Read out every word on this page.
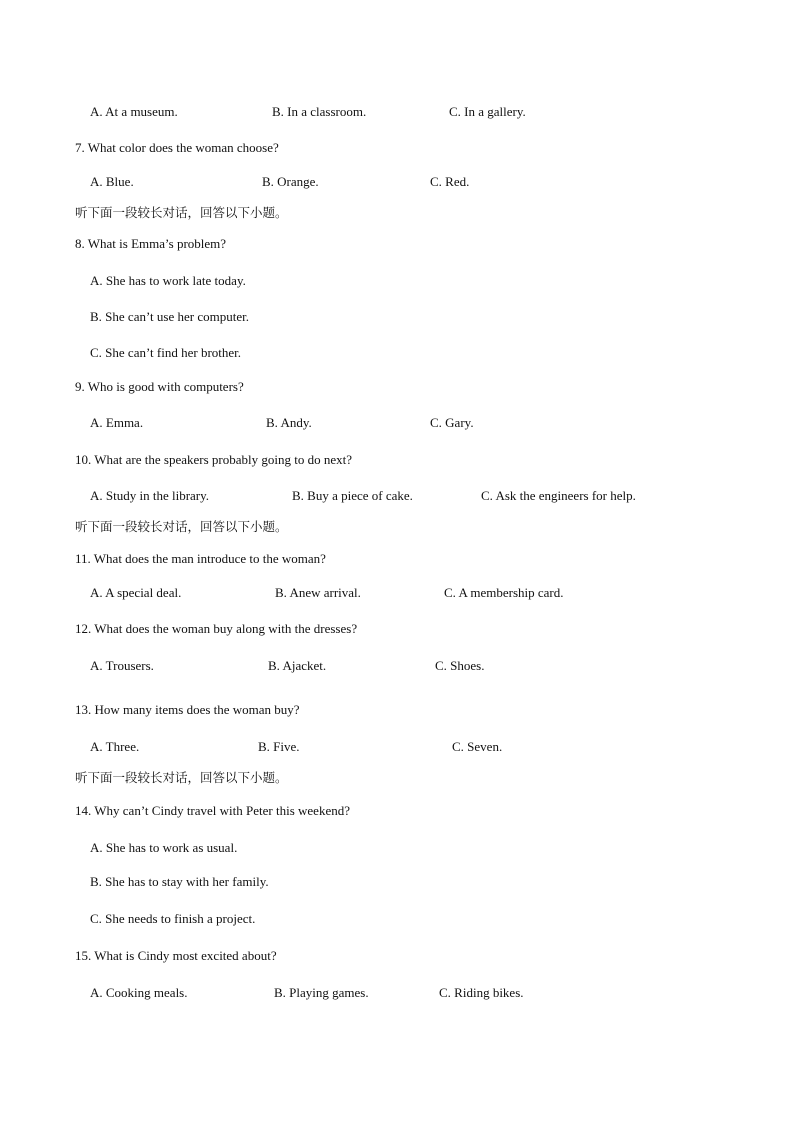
A. At a museum.	B. In a classroom.	C. In a gallery.
7. What color does the woman choose?
A. Blue.	B. Orange.	C. Red.
听下面一段较长对话，回答以下小题。
8. What is Emma’s problem?
A. She has to work late today.
B. She can’t use her computer.
C. She can’t find her brother.
9. Who is good with computers?
A. Emma.	B. Andy.	C. Gary.
10. What are the speakers probably going to do next?
A. Study in the library.	B. Buy a piece of cake.	C. Ask the engineers for help.
听下面一段较长对话，回答以下小题。
11. What does the man introduce to the woman?
A. A special deal.	B. Anew arrival.	C. A membership card.
12. What does the woman buy along with the dresses?
A. Trousers.	B. Ajacket.	C. Shoes.
13. How many items does the woman buy?
A. Three.	B. Five.	C. Seven.
听下面一段较长对话，回答以下小题。
14. Why can’t Cindy travel with Peter this weekend?
A. She has to work as usual.
B. She has to stay with her family.
C. She needs to finish a project.
15. What is Cindy most excited about?
A. Cooking meals.	B. Playing games.	C. Riding bikes.
